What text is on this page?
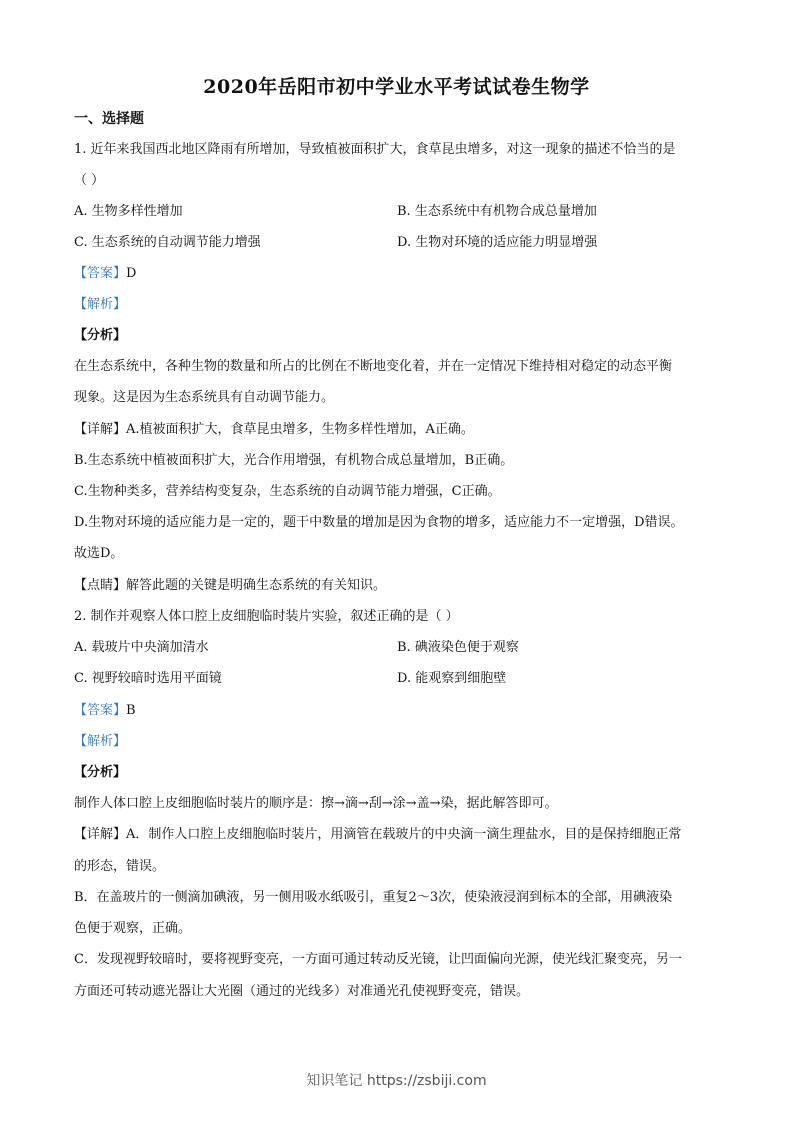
2020年岳阳市初中学业水平考试试卷生物学
一、选择题
1. 近年来我国西北地区降雨有所增加，导致植被面积扩大，食草昆虫增多，对这一现象的描述不恰当的是
（ ）
A. 生物多样性增加	B. 生态系统中有机物合成总量增加
C. 生态系统的自动调节能力增强	D. 生物对环境的适应能力明显增强
【答案】D
【解析】
【分析】
在生态系统中，各种生物的数量和所占的比例在不断地变化着，并在一定情况下维持相对稳定的动态平衡
现象。这是因为生态系统具有自动调节能力。
【详解】A.植被面积扩大，食草昆虫增多，生物多样性增加，A正确。
B.生态系统中植被面积扩大，光合作用增强，有机物合成总量增加，B正确。
C.生物种类多，营养结构变复杂，生态系统的自动调节能力增强，C正确。
D.生物对环境的适应能力是一定的，题干中数量的增加是因为食物的增多，适应能力不一定增强，D错误。
故选D。
【点睛】解答此题的关键是明确生态系统的有关知识。
2. 制作并观察人体口腔上皮细胞临时装片实验，叙述正确的是（ ）
A. 载玻片中央滴加清水	B. 碘液染色便于观察
C. 视野较暗时选用平面镜	D. 能观察到细胞壁
【答案】B
【解析】
【分析】
制作人体口腔上皮细胞临时装片的顺序是：擦→滴→刮→涂→盖→染，据此解答即可。
【详解】A．制作人口腔上皮细胞临时装片，用滴管在载玻片的中央滴一滴生理盐水，目的是保持细胞正常
的形态，错误。
B．在盖玻片的一侧滴加碘液，另一侧用吸水纸吸引，重复2～3次，使染液浸润到标本的全部，用碘液染
色便于观察，正确。
C．发现视野较暗时，要将视野变亮，一方面可通过转动反光镜，让凹面偏向光源，使光线汇聚变亮，另一
方面还可转动遮光器让大光圈（通过的光线多）对准通光孔使视野变亮，错误。
知识笔记 https://zsbiji.com
